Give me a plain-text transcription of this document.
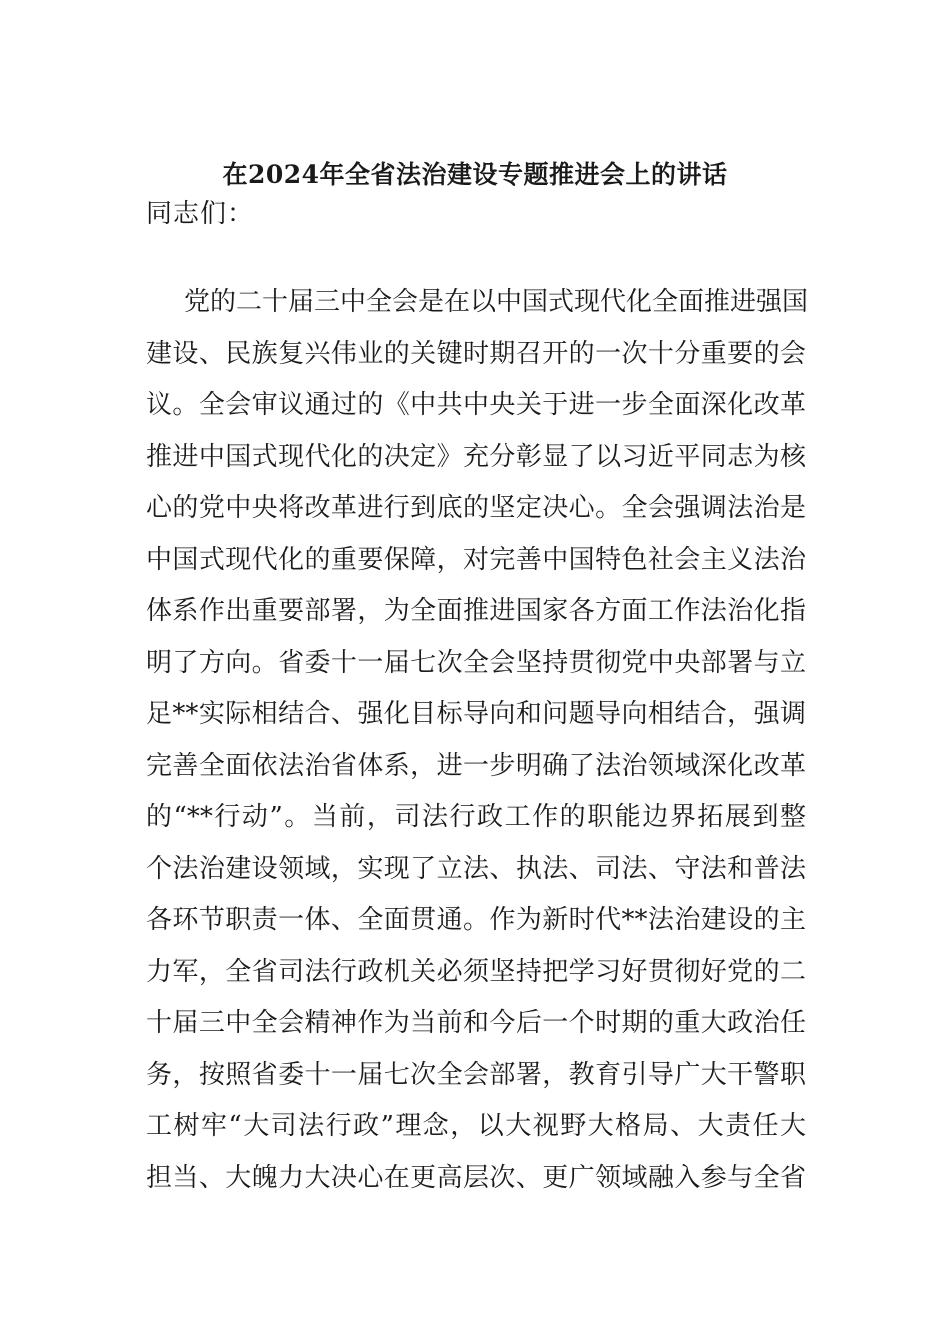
在2024年全省法治建设专题推进会上的讲话
同志们：
党的二十届三中全会是在以中国式现代化全面推进强国
建设、民族复兴伟业的关键时期召开的一次十分重要的会
议。全会审议通过的《中共中央关于进一步全面深化改革
推进中国式现代化的决定》充分彰显了以习近平同志为核
心的党中央将改革进行到底的坚定决心。全会强调法治是
中国式现代化的重要保障，对完善中国特色社会主义法治
体系作出重要部署，为全面推进国家各方面工作法治化指
明了方向。省委十一届七次全会坚持贯彻党中央部署与立
足**实际相结合、强化目标导向和问题导向相结合，强调
完善全面依法治省体系，进一步明确了法治领域深化改革
的“**行动”。当前，司法行政工作的职能边界拓展到整
个法治建设领域，实现了立法、执法、司法、守法和普法
各环节职责一体、全面贯通。作为新时代**法治建设的主
力军，全省司法行政机关必须坚持把学习好贯彻好党的二
十届三中全会精神作为当前和今后一个时期的重大政治任
务，按照省委十一届七次全会部署，教育引导广大干警职
工树牢“大司法行政”理念，以大视野大格局、大责任大
担当、大魄力大决心在更高层次、更广领域融入参与全省
